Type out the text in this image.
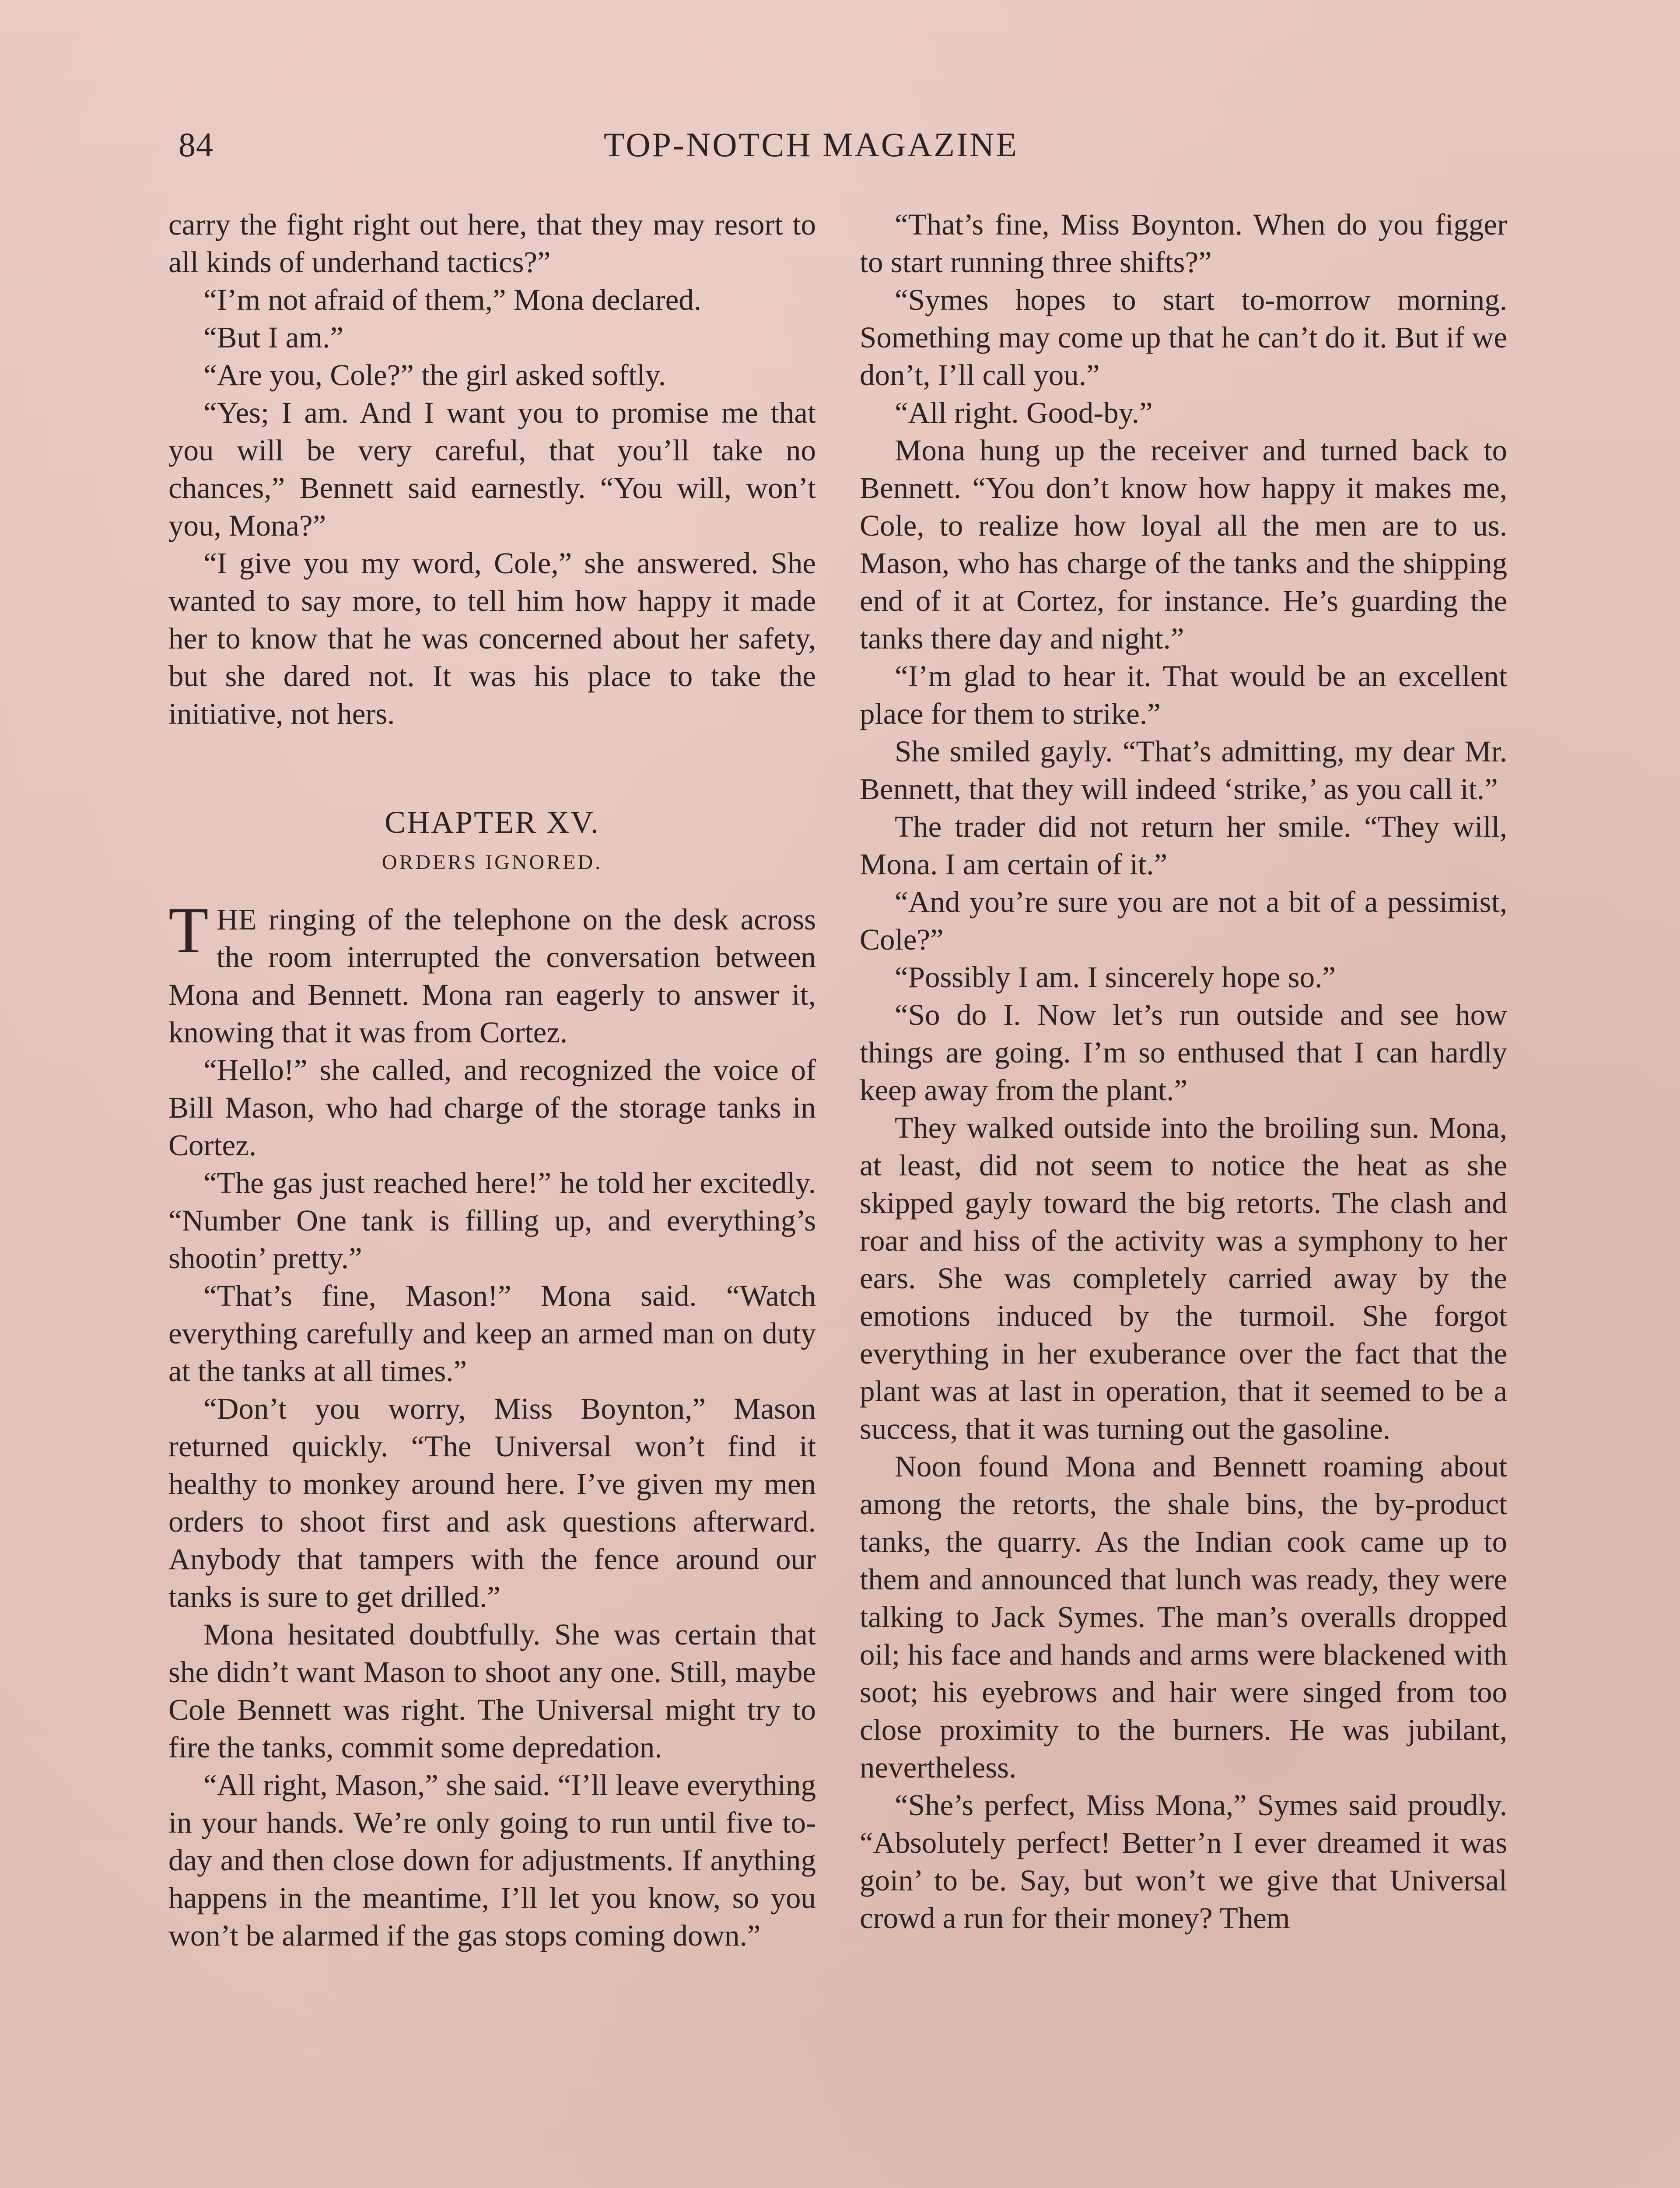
84	TOP-NOTCH MAGAZINE

carry the fight right out here, that they may resort to all kinds of underhand tactics?”

“I’m not afraid of them,” Mona declared.

“But I am.”

“Are you, Cole?” the girl asked softly.

“Yes; I am. And I want you to promise me that you will be very careful, that you’ll take no chances,” Bennett said earnestly. “You will, won’t you, Mona?”

“I give you my word, Cole,” she answered. She wanted to say more, to tell him how happy it made her to know that he was concerned about her safety, but she dared not. It was his place to take the initiative, not hers.

CHAPTER XV.
ORDERS IGNORED.

THE ringing of the telephone on the desk across the room interrupted the conversation between Mona and Bennett. Mona ran eagerly to answer it, knowing that it was from Cortez.

“Hello!” she called, and recognized the voice of Bill Mason, who had charge of the storage tanks in Cortez.

“The gas just reached here!” he told her excitedly. “Number One tank is filling up, and everything’s shootin’ pretty.”

“That’s fine, Mason!” Mona said. “Watch everything carefully and keep an armed man on duty at the tanks at all times.”

“Don’t you worry, Miss Boynton,” Mason returned quickly. “The Universal won’t find it healthy to monkey around here. I’ve given my men orders to shoot first and ask questions afterward. Anybody that tampers with the fence around our tanks is sure to get drilled.”

Mona hesitated doubtfully. She was certain that she didn’t want Mason to shoot any one. Still, maybe Cole Bennett was right. The Universal might try to fire the tanks, commit some depredation.

“All right, Mason,” she said. “I’ll leave everything in your hands. We’re only going to run until five to-day and then close down for adjustments. If anything happens in the meantime, I’ll let you know, so you won’t be alarmed if the gas stops coming down.”

“That’s fine, Miss Boynton. When do you figger to start running three shifts?”

“Symes hopes to start to-morrow morning. Something may come up that he can’t do it. But if we don’t, I’ll call you.”

“All right. Good-by.”

Mona hung up the receiver and turned back to Bennett. “You don’t know how happy it makes me, Cole, to realize how loyal all the men are to us. Mason, who has charge of the tanks and the shipping end of it at Cortez, for instance. He’s guarding the tanks there day and night.”

“I’m glad to hear it. That would be an excellent place for them to strike.”

She smiled gayly. “That’s admitting, my dear Mr. Bennett, that they will indeed ‘strike,’ as you call it.”

The trader did not return her smile. “They will, Mona. I am certain of it.”

“And you’re sure you are not a bit of a pessimist, Cole?”

“Possibly I am. I sincerely hope so.”

“So do I. Now let’s run outside and see how things are going. I’m so enthused that I can hardly keep away from the plant.”

They walked outside into the broiling sun. Mona, at least, did not seem to notice the heat as she skipped gayly toward the big retorts. The clash and roar and hiss of the activity was a symphony to her ears. She was completely carried away by the emotions induced by the turmoil. She forgot everything in her exuberance over the fact that the plant was at last in operation, that it seemed to be a success, that it was turning out the gasoline.

Noon found Mona and Bennett roaming about among the retorts, the shale bins, the by-product tanks, the quarry. As the Indian cook came up to them and announced that lunch was ready, they were talking to Jack Symes. The man’s overalls dropped oil; his face and hands and arms were blackened with soot; his eyebrows and hair were singed from too close proximity to the burners. He was jubilant, nevertheless.

“She’s perfect, Miss Mona,” Symes said proudly. “Absolutely perfect! Better’n I ever dreamed it was goin’ to be. Say, but won’t we give that Universal crowd a run for their money? Them
